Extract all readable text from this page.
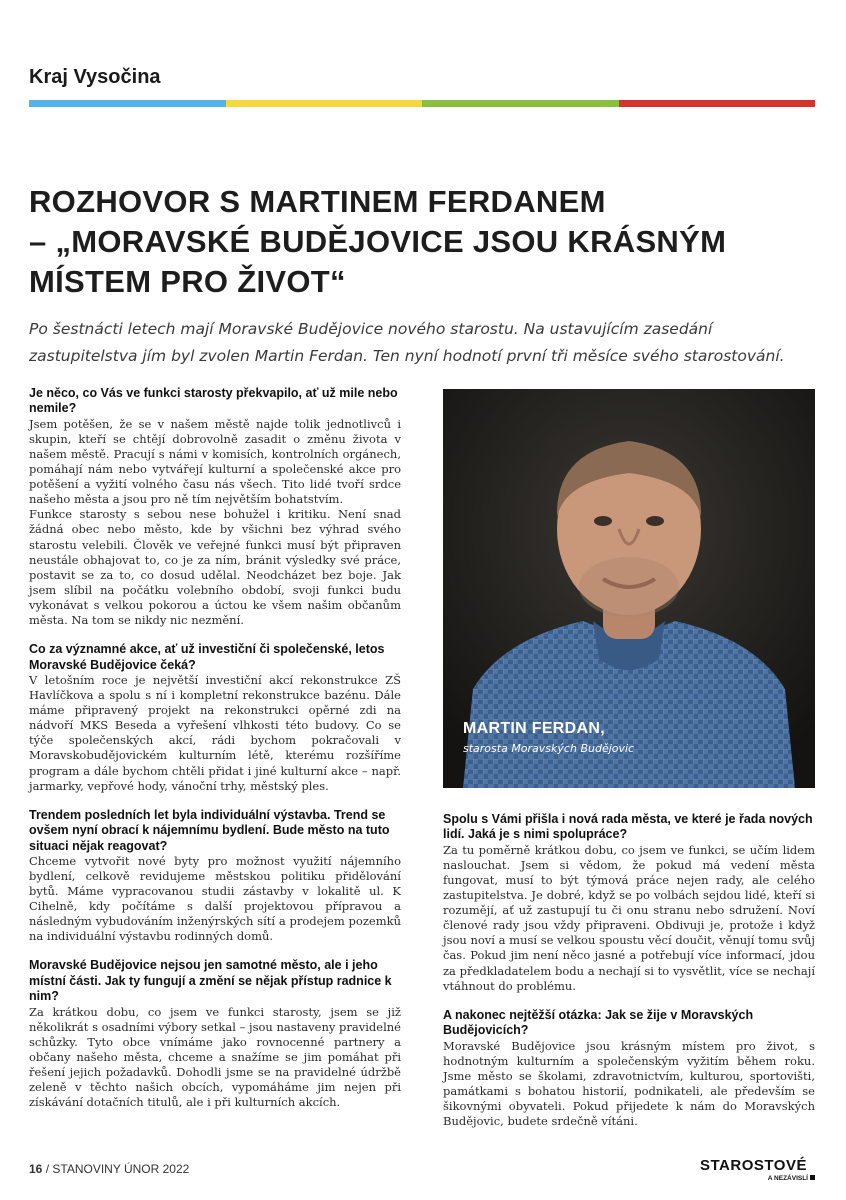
Kraj Vysočina
ROZHOVOR S MARTINEM FERDANEM
– „MORAVSKÉ BUDĚJOVICE JSOU KRÁSNÝM
MÍSTEM PRO ŽIVOT“
Po šestnácti letech mají Moravské Budějovice nového starostu. Na ustavujícím zasedání
zastupitelstva jím byl zvolen Martin Ferdan. Ten nyní hodnotí první tři měsíce svého starostování.

Je něco, co Vás ve funkci starosty překvapilo, ať už mile nebo nemile?

Jsem potěšen, že se v našem městě najde tolik jednotlivců i skupin, kteří se chtějí dobrovolně zasadit o změnu života v našem městě. Pracují s námi v komisích, kontrolních orgánech, pomáhají nám nebo vytvářejí kulturní a společenské akce pro potěšení a vyžití volného času nás všech. Tito lidé tvoří srdce našeho města a jsou pro ně tím největším bohatstvím.

Funkce starosty s sebou nese bohužel i kritiku. Není snad žádná obec nebo město, kde by všichni bez výhrad svého starostu velebili. Člověk ve veřejné funkci musí být připraven neustále obhajovat to, co je za ním, bránit výsledky své práce, postavit se za to, co dosud udělal. Neodcházet bez boje. Jak jsem slíbil na počátku volebního období, svoji funkci budu vykonávat s velkou pokorou a úctou ke všem našim občanům města. Na tom se nikdy nic nezmění.

Co za významné akce, ať už investiční či společenské, letos Moravské Budějovice čeká?

V letošním roce je největší investiční akcí rekonstrukce ZŠ Havlíčkova a spolu s ní i kompletní rekonstrukce bazénu. Dále máme připravený projekt na rekonstrukci opěrné zdi na nádvoří MKS Beseda a vyřešení vlhkosti této budovy. Co se týče společenských akcí, rádi bychom pokračovali v Moravskobudějovickém kulturním létě, kterému rozšíříme program a dále bychom chtěli přidat i jiné kulturní akce – např. jarmarky, vepřové hody, vánoční trhy, městský ples.

Trendem posledních let byla individuální výstavba. Trend se ovšem nyní obrací k nájemnímu bydlení. Bude město na tuto situaci nějak reagovat?

Chceme vytvořit nové byty pro možnost využití nájemního bydlení, celkově revidujeme městskou politiku přidělování bytů. Máme vypracovanou studii zástavby v lokalitě ul. K Cihelně, kdy počítáme s další projektovou přípravou a následným vybudováním inženýrských sítí a prodejem pozemků na individuální výstavbu rodinných domů.

Moravské Budějovice nejsou jen samotné město, ale i jeho místní části. Jak ty fungují a změní se nějak přístup radnice k nim?

Za krátkou dobu, co jsem ve funkci starosty, jsem se již několikrát s osadními výbory setkal – jsou nastaveny pravidelné schůzky. Tyto obce vnímáme jako rovnocenné partnery a občany našeho města, chceme a snažíme se jim pomáhat při řešení jejich požadavků. Dohodli jsme se na pravidelné údržbě zeleně v těchto našich obcích, vypomáháme jim nejen při získávání dotačních titulů, ale i při kulturních akcích.

MARTIN FERDAN,
starosta Moravských Budějovic

Spolu s Vámi přišla i nová rada města, ve které je řada nových lidí. Jaká je s nimi spolupráce?

Za tu poměrně krátkou dobu, co jsem ve funkci, se učím lidem naslouchat. Jsem si vědom, že pokud má vedení města fungovat, musí to být týmová práce nejen rady, ale celého zastupitelstva. Je dobré, když se po volbách sejdou lidé, kteří si rozumějí, ať už zastupují tu či onu stranu nebo sdružení. Noví členové rady jsou vždy připraveni. Obdivuji je, protože i když jsou noví a musí se velkou spoustu věcí doučit, věnují tomu svůj čas. Pokud jim není něco jasné a potřebují více informací, jdou za předkladatelem bodu a nechají si to vysvětlit, více se nechají vtáhnout do problému.

A nakonec nejtěžší otázka: Jak se žije v Moravských Budějovicích?

Moravské Budějovice jsou krásným místem pro život, s hodnotným kulturním a společenským vyžitím během roku. Jsme město se školami, zdravotnictvím, kulturou, sportovišti, památkami s bohatou historií, podnikateli, ale především se šikovnými obyvateli. Pokud přijedete k nám do Moravských Budějovic, budete srdečně vítáni.

16 / STANOVINY ÚNOR 2022	STAROSTOVÉ
A NEZÁVISLÍ
